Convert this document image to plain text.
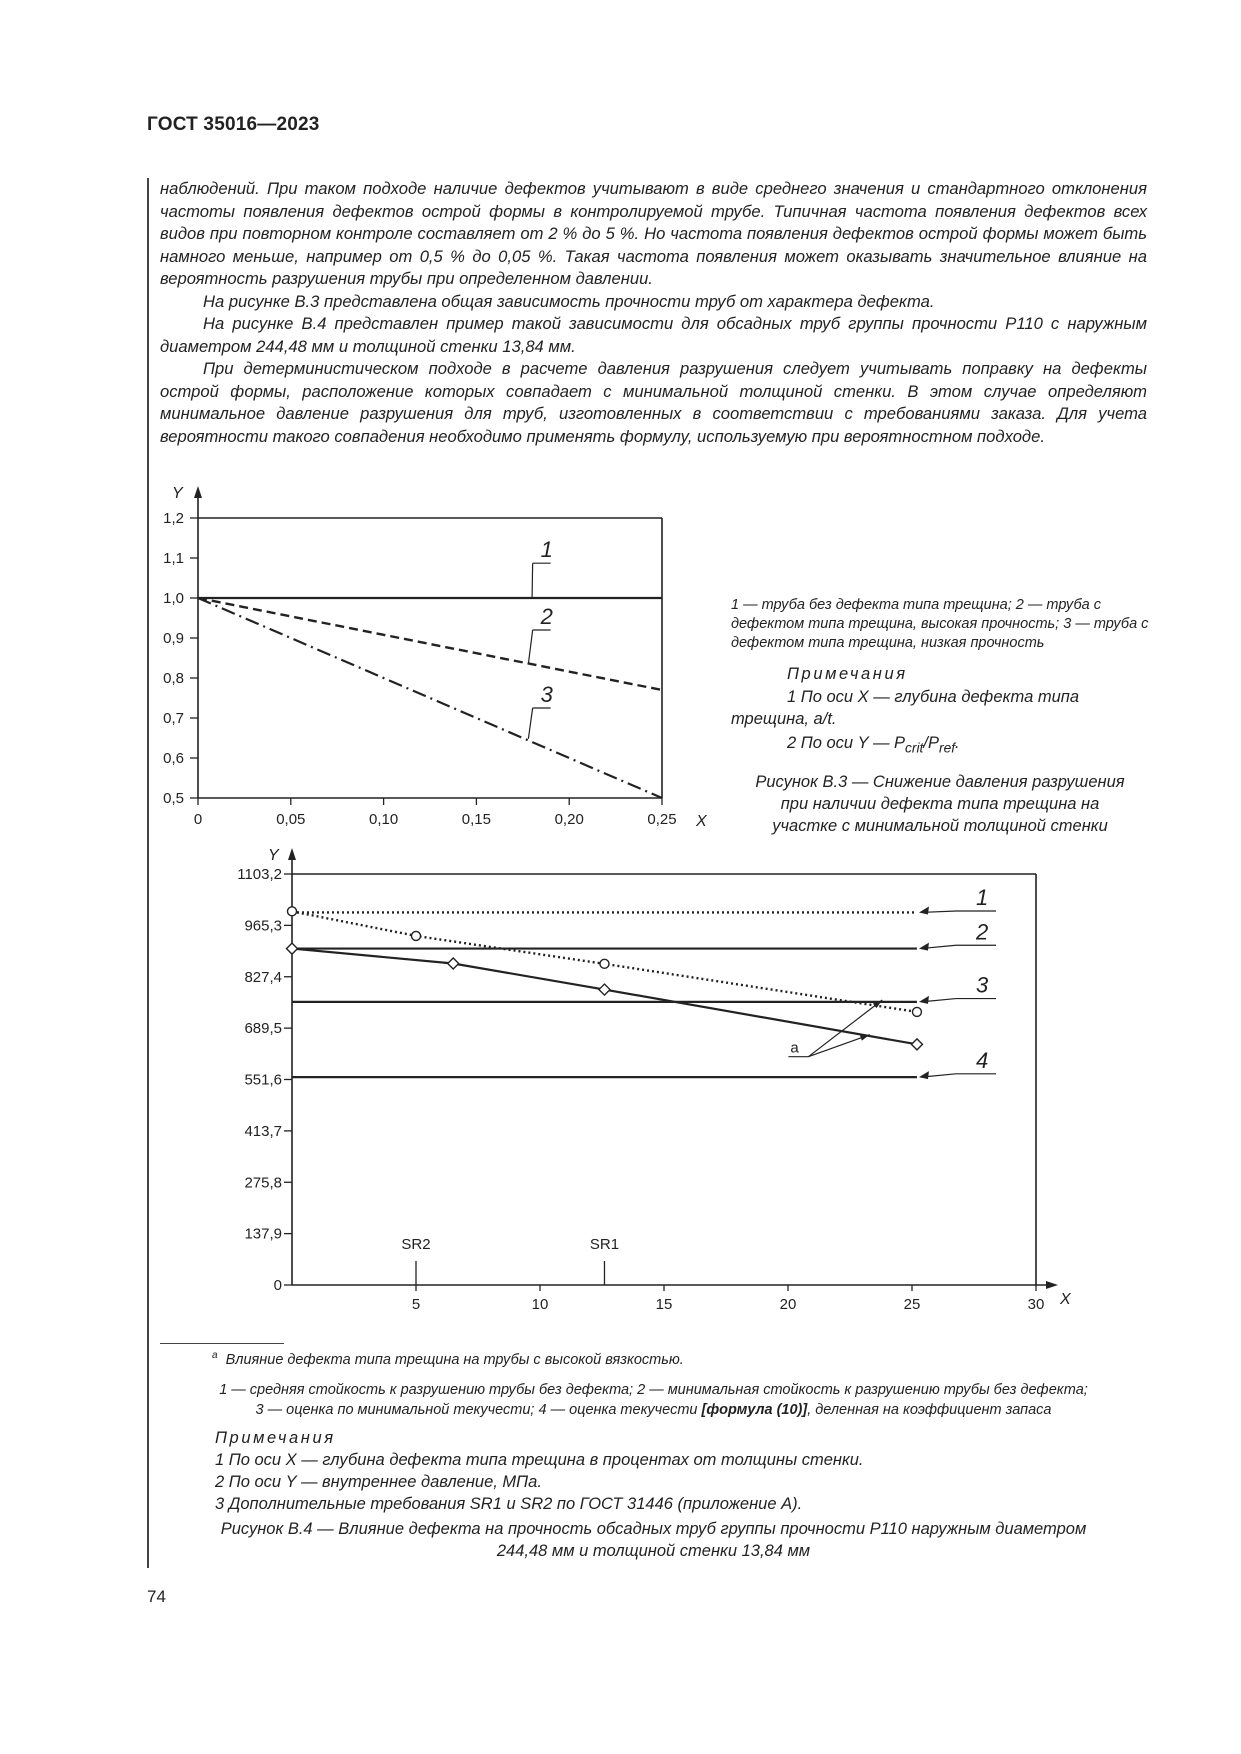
ГОСТ 35016—2023

наблюдений. При таком подходе наличие дефектов учитывают в виде среднего значения и стандартного отклонения частоты появления дефектов острой формы в контролируемой трубе. Типичная частота появления дефектов всех видов при повторном контроле составляет от 2 % до 5 %. Но частота появления дефектов острой формы может быть намного меньше, например от 0,5 % до 0,05 %. Такая частота появления может оказывать значительное влияние на вероятность разрушения трубы при определенном давлении.

На рисунке В.3 представлена общая зависимость прочности труб от характера дефекта.

На рисунке В.4 представлен пример такой зависимости для обсадных труб группы прочности Р110 с наружным диаметром 244,48 мм и толщиной стенки 13,84 мм.

При детерминистическом подходе в расчете давления разрушения следует учитывать поправку на дефекты острой формы, расположение которых совпадает с минимальной толщиной стенки. В этом случае определяют минимальное давление разрушения для труб, изготовленных в соответствии с требованиями заказа. Для учета вероятности такого совпадения необходимо применять формулу, используемую при вероятностном подходе.

Y
X
0,5
0,6
0,7
0,8
0,9
1,0
1,1
1,2
0	0,05	0,10	0,15	0,20	0,25
1
2
3
Y
X
0
137,9
275,8
413,7
551,6
689,5
827,4
965,3
1103,2
5	10	15	20	25	30
SR2	SR1
1
2
3
4
a

1 — труба без дефекта типа трещина; 2 — труба с дефектом типа трещина, высокая прочность; 3 — труба с дефектом типа трещина, низкая прочность

Примечания
1 По оси X — глубина дефекта типа
трещина, a/t.
2 По оси Y — $P_{crit}/P_{ref}$.
Рисунок В.3 — Снижение давления разрушения
при наличии дефекта типа трещина на
участке с минимальной толщиной стенки
$^a$ Влияние дефекта типа трещина на трубы с высокой вязкостью.
1 — средняя стойкость к разрушению трубы без дефекта; 2 — минимальная стойкость к разрушению трубы без дефекта;
3 — оценка по минимальной текучести; 4 — оценка текучести [формула (10)], деленная на коэффициент запаса
Примечания
1 По оси X — глубина дефекта типа трещина в процентах от толщины стенки.
2 По оси Y — внутреннее давление, МПа.
3 Дополнительные требования SR1 и SR2 по ГОСТ 31446 (приложение А).
Рисунок В.4 — Влияние дефекта на прочность обсадных труб группы прочности Р110 наружным диаметром
244,48 мм и толщиной стенки 13,84 мм
74
